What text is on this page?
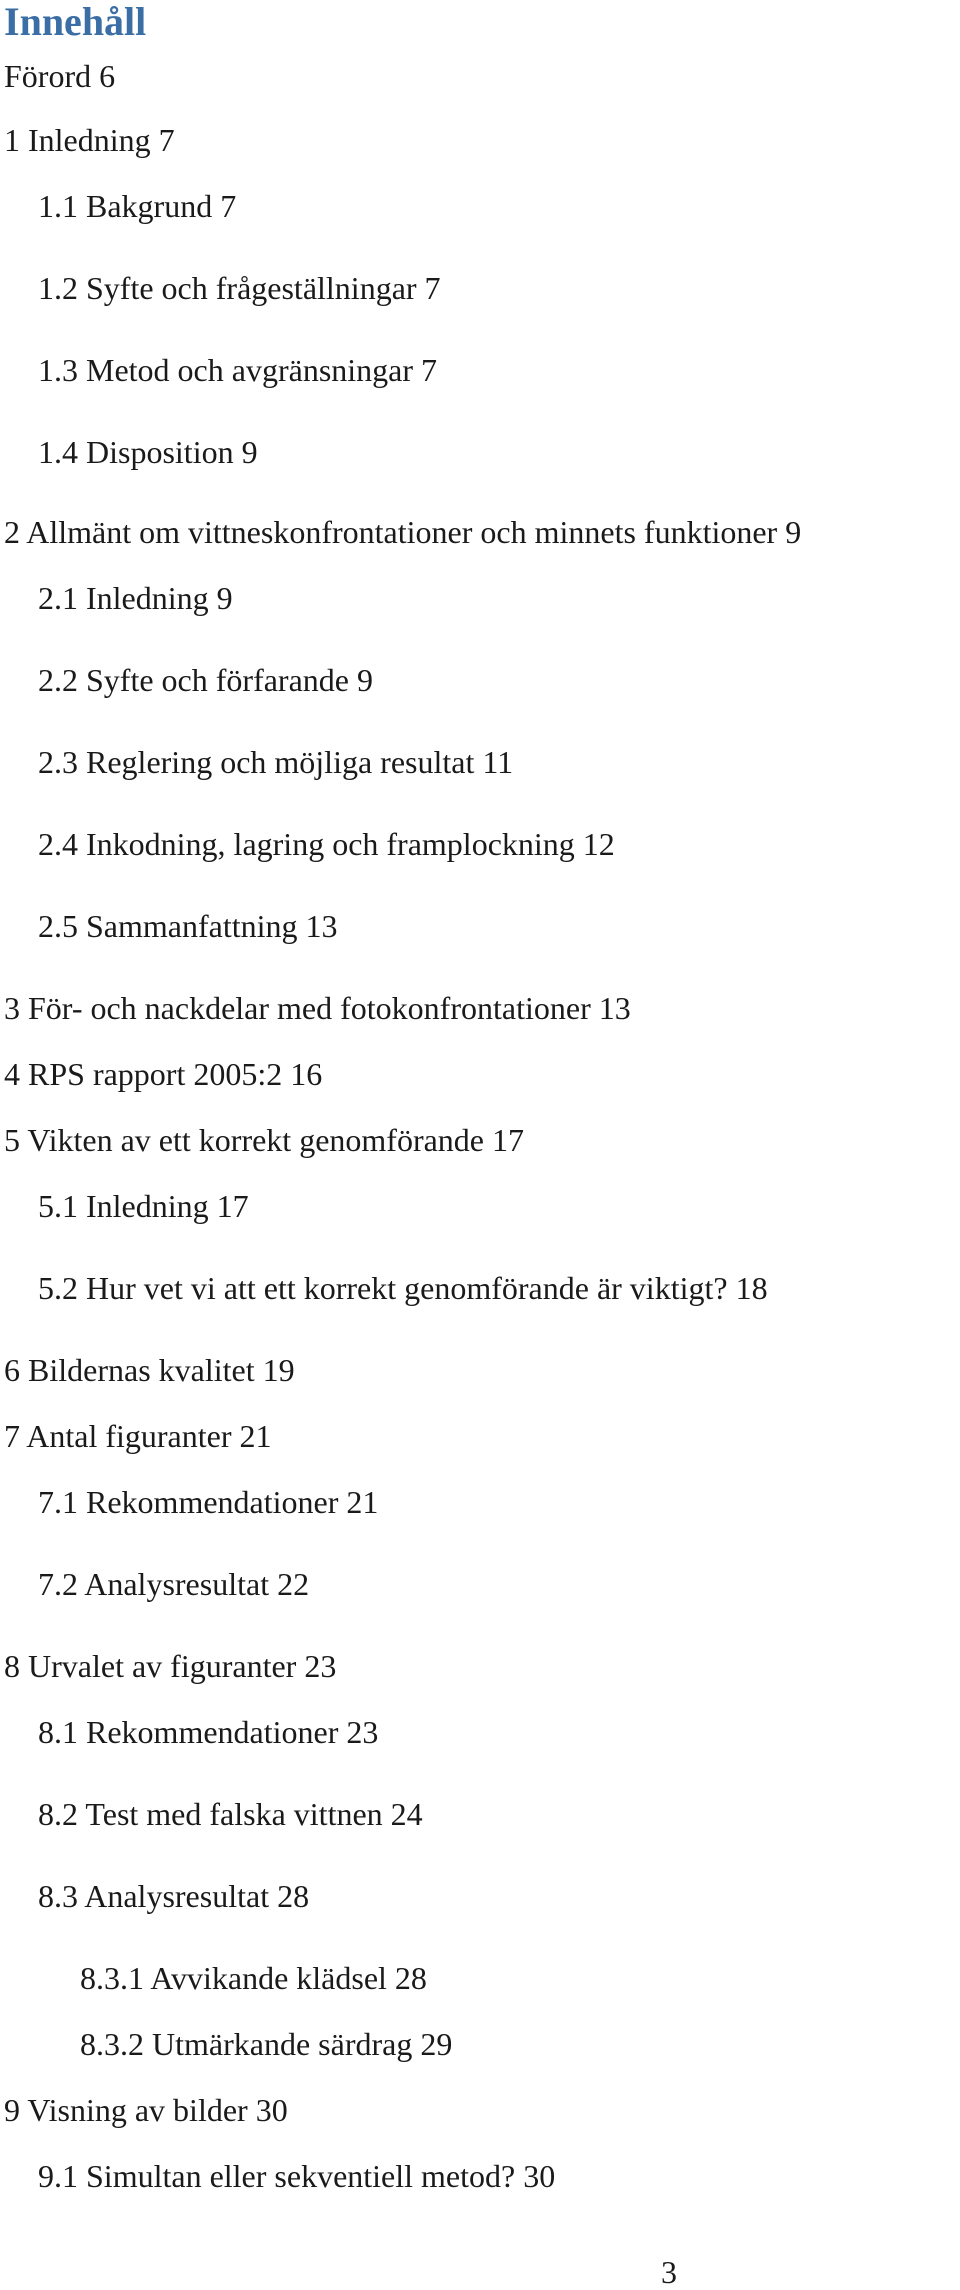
Innehåll
Förord 6
1 Inledning 7
1.1 Bakgrund 7
1.2 Syfte och frågeställningar 7
1.3 Metod och avgränsningar 7
1.4 Disposition 9
2 Allmänt om vittneskonfrontationer och minnets funktioner 9
2.1 Inledning 9
2.2 Syfte och förfarande 9
2.3 Reglering och möjliga resultat 11
2.4 Inkodning, lagring och framplockning 12
2.5 Sammanfattning 13
3 För- och nackdelar med fotokonfrontationer 13
4 RPS rapport 2005:2 16
5 Vikten av ett korrekt genomförande 17
5.1 Inledning 17
5.2 Hur vet vi att ett korrekt genomförande är viktigt? 18
6 Bildernas kvalitet 19
7 Antal figuranter 21
7.1 Rekommendationer 21
7.2 Analysresultat 22
8 Urvalet av figuranter 23
8.1 Rekommendationer 23
8.2 Test med falska vittnen 24
8.3 Analysresultat 28
8.3.1 Avvikande klädsel 28
8.3.2 Utmärkande särdrag 29
9 Visning av bilder 30
9.1 Simultan eller sekventiell metod? 30
3
